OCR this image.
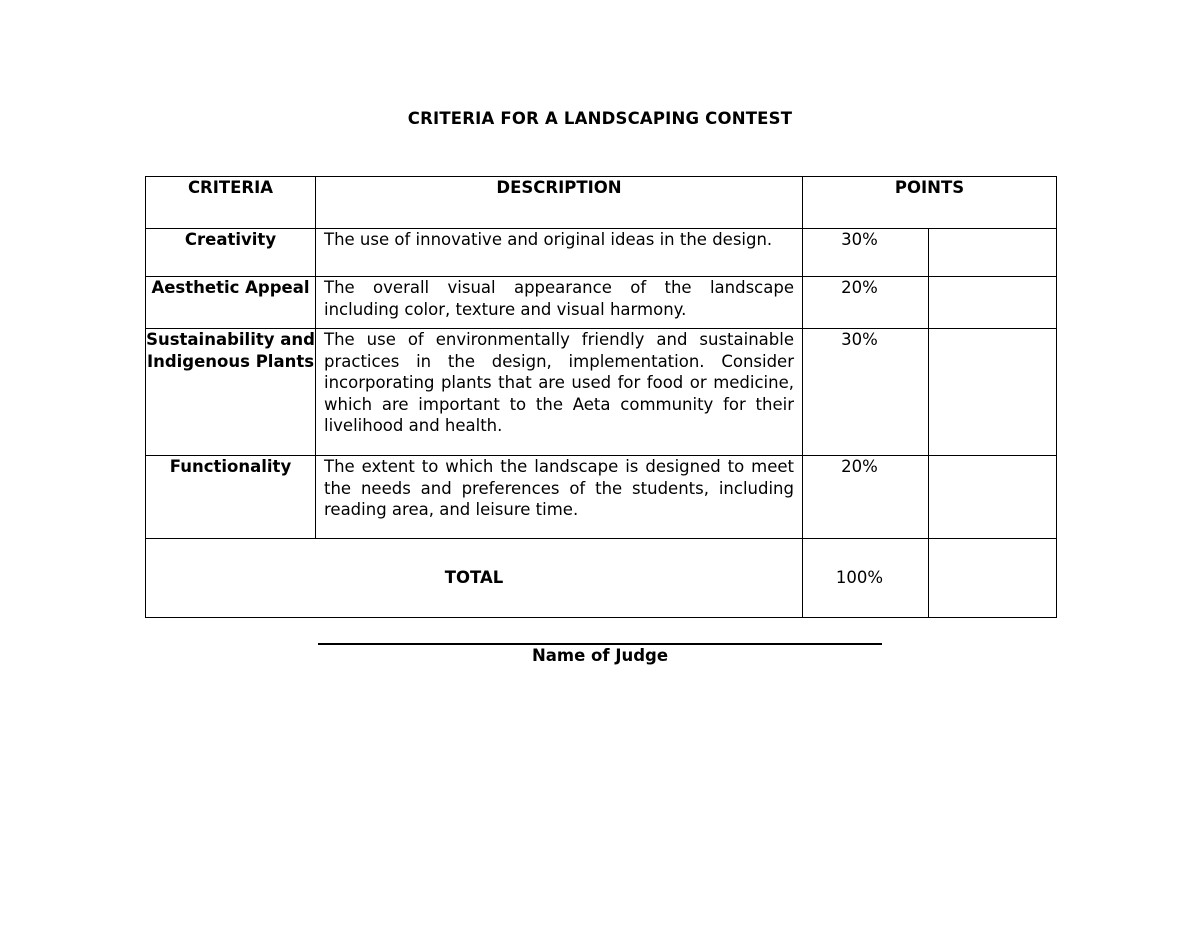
CRITERIA FOR A LANDSCAPING CONTEST
CRITERIA	DESCRIPTION	POINTS	
Creativity	The use of innovative and original ideas in the design.	30%	
Aesthetic Appeal	The overall visual appearance of the landscape including color, texture and visual harmony.	20%	
Sustainability and Indigenous Plants	The use of environmentally friendly and sustainable practices in the design, implementation. Consider incorporating plants that are used for food or medicine, which are important to the Aeta community for their livelihood and health.	30%	
Functionality	The extent to which the landscape is designed to meet the needs and preferences of the students, including reading area, and leisure time.	20%	
TOTAL		100%	
Name of Judge
